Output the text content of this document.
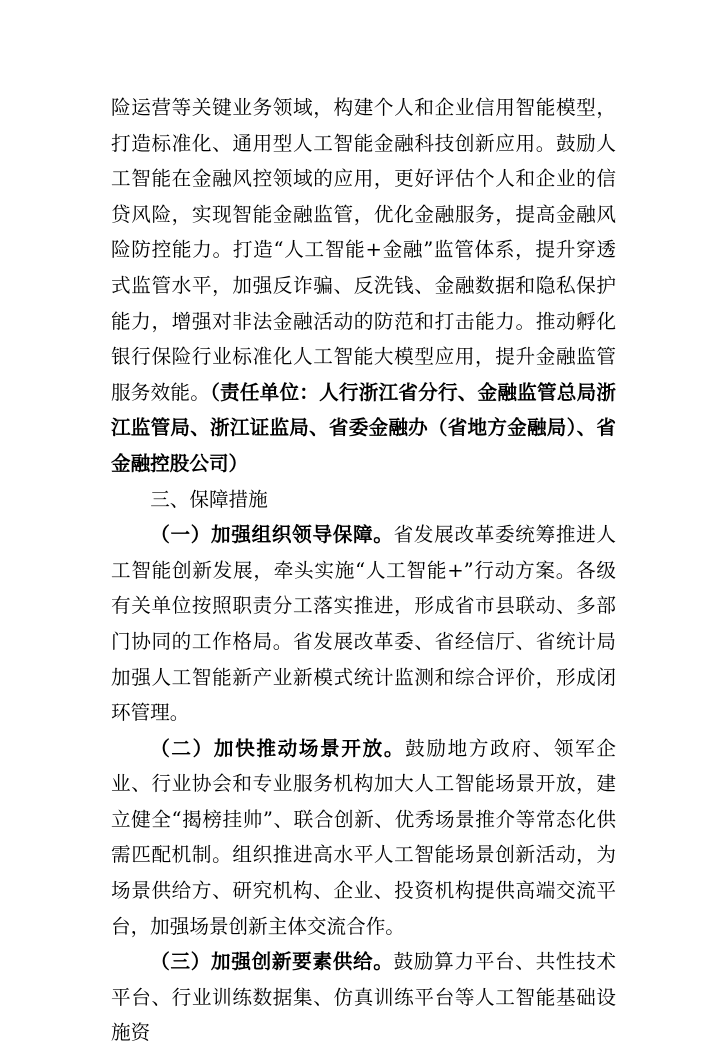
险运营等关键业务领域，构建个人和企业信用智能模型，打造标准化、通用型人工智能金融科技创新应用。鼓励人工智能在金融风控领域的应用，更好评估个人和企业的信贷风险，实现智能金融监管，优化金融服务，提高金融风险防控能力。打造“人工智能+金融”监管体系，提升穿透式监管水平，加强反诈骗、反洗钱、金融数据和隐私保护能力，增强对非法金融活动的防范和打击能力。推动孵化银行保险行业标准化人工智能大模型应用，提升金融监管服务效能。（责任单位：人行浙江省分行、金融监管总局浙江监管局、浙江证监局、省委金融办（省地方金融局）、省金融控股公司）

三、保障措施

（一）加强组织领导保障。省发展改革委统筹推进人工智能创新发展，牵头实施“人工智能+”行动方案。各级有关单位按照职责分工落实推进，形成省市县联动、多部门协同的工作格局。省发展改革委、省经信厅、省统计局加强人工智能新产业新模式统计监测和综合评价，形成闭环管理。

（二）加快推动场景开放。鼓励地方政府、领军企业、行业协会和专业服务机构加大人工智能场景开放，建立健全“揭榜挂帅”、联合创新、优秀场景推介等常态化供需匹配机制。组织推进高水平人工智能场景创新活动，为场景供给方、研究机构、企业、投资机构提供高端交流平台，加强场景创新主体交流合作。

（三）加强创新要素供给。鼓励算力平台、共性技术平台、行业训练数据集、仿真训练平台等人工智能基础设施资
